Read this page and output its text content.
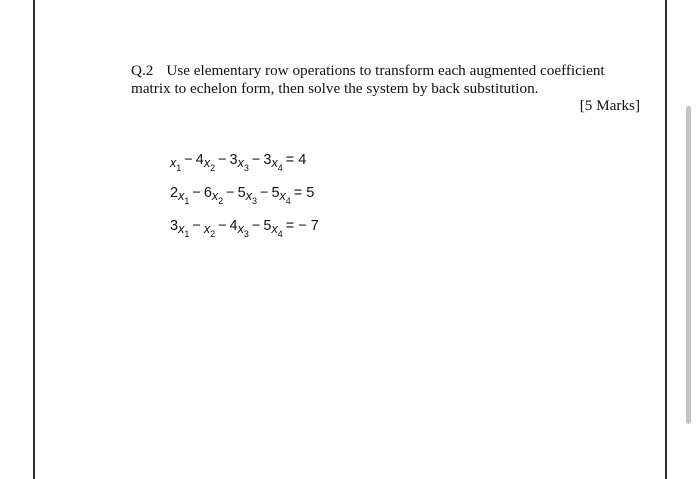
Q.2 Use elementary row operations to transform each augmented coefficient
matrix to echelon form, then solve the system by back substitution.
[5 Marks]
$x_1 - 4x_2 - 3x_3 - 3x_4 = 4$
$2x_1 - 6x_2 - 5x_3 - 5x_4 = 5$
$3x_1 - x_2 - 4x_3 - 5x_4$ = − 7
